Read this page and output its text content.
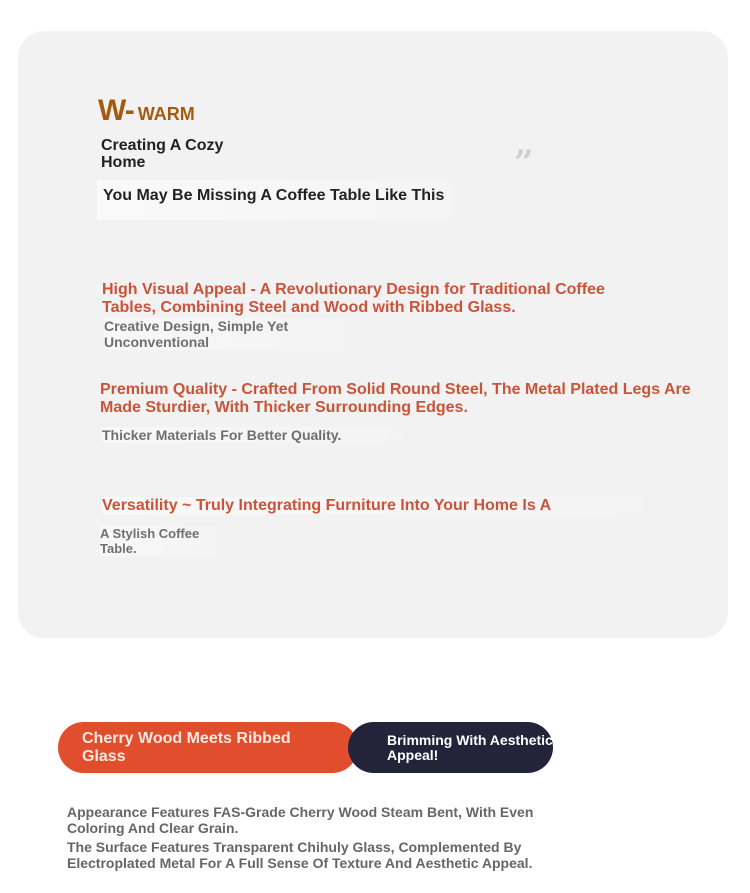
W- WARM
Creating A Cozy Home	”
You May Be Missing A Coffee Table Like This
High Visual Appeal - A Revolutionary Design for Traditional Coffee Tables, Combining Steel and Wood with Ribbed Glass.
Creative Design, Simple Yet Unconventional
Premium Quality - Crafted From Solid Round Steel, The Metal Plated Legs Are Made Sturdier, With Thicker Surrounding Edges.
Thicker Materials For Better Quality.
Versatility ~ Truly Integrating Furniture Into Your Home Is A
A Stylish Coffee Table.
Cherry Wood Meets Ribbed Glass
Brimming With Aesthetic Appeal!
Appearance Features FAS-Grade Cherry Wood Steam Bent, With Even Coloring And Clear Grain.
The Surface Features Transparent Chihuly Glass, Complemented By Electroplated Metal For A Full Sense Of Texture And Aesthetic Appeal.
